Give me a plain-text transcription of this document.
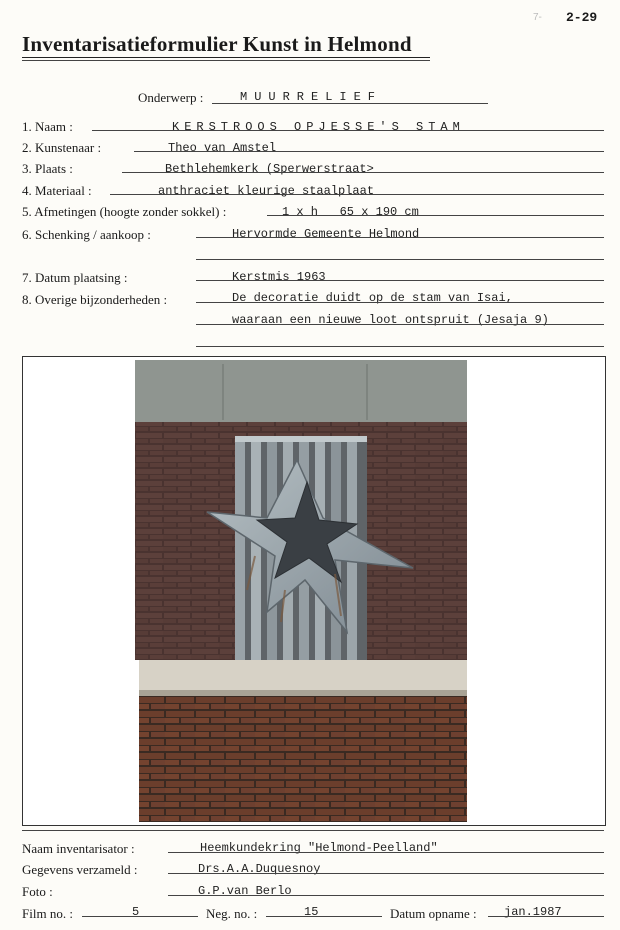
7- 2-29
Inventarisatieformulier Kunst in Helmond
Onderwerp :	MUURRELIEF
1. Naam :	KERSTROOS OPJESSE'S STAM
2. Kunstenaar :	Theo van Amstel
3. Plaats :	Bethlehemkerk (Sperwerstraat>
4. Materiaal :	anthraciet kleurige staalplaat
5. Afmetingen (hoogte zonder sokkel) :	1 x h   65 x 190 cm
6. Schenking / aankoop :	Hervormde Gemeente Helmond
7. Datum plaatsing :	Kerstmis 1963
8. Overige bijzonderheden :	De decoratie duidt op de stam van Isai,
waaraan een nieuwe loot ontspruit (Jesaja 9)
Naam inventarisator :	Heemkundekring "Helmond-Peelland"
Gegevens verzameld :	Drs.A.A.Duquesnoy
Foto :	G.P.van Berlo
Film no. :	5	Neg. no. :	15	Datum opname : jan.1987
